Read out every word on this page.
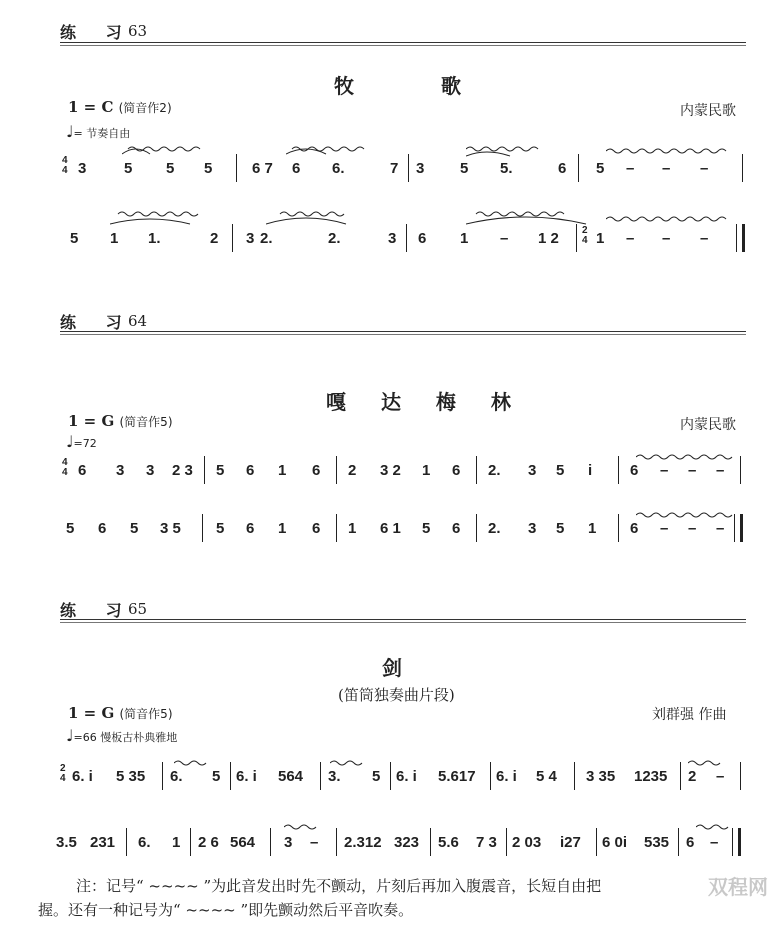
练 习
63
牧 歌
1 = C (简音作2)
♩= 节奏自由
内蒙民歌
4
4 3	5 5 5	6 7 6 6.	7 3 5 5.	6 5 – – –
5 1 1.	2 3 2.	2.	3 6 1 – 1 2 2
4 1 – – –
练 习
64
嘎 达 梅 林
1 = G (简音作5)
♩=72
内蒙民歌
4
4 6 3 3 2 3 5 6 1 6 2 3 2 1 6 2. 3 5 i	6 – – –
5 6 5 3 5 5 6 1 6 1 6 1 5 6 2. 3 5 1 6 – – –
练 习
65
剑
(笛筒独奏曲片段)
1 = G (简音作5)
♩=66 慢板古朴典雅地
刘群强 作曲
2
4 6. i 5 35 6. 5 6. i 564 3. 5 6. i 5.617 6. i 5 4 3 35 1235 2 –
3.5 231 6. 1 2 6 564 3 – 2.312 323 5.6 7 3 2 03 i27 6 0i 535 6 –
注：记号“ ~~~~ ”为此音发出时先不颤动，片刻后再加入腹震音，长短自由把
握。还有一种记号为“ ~~~~ ”即先颤动然后平音吹奏。
双程网
